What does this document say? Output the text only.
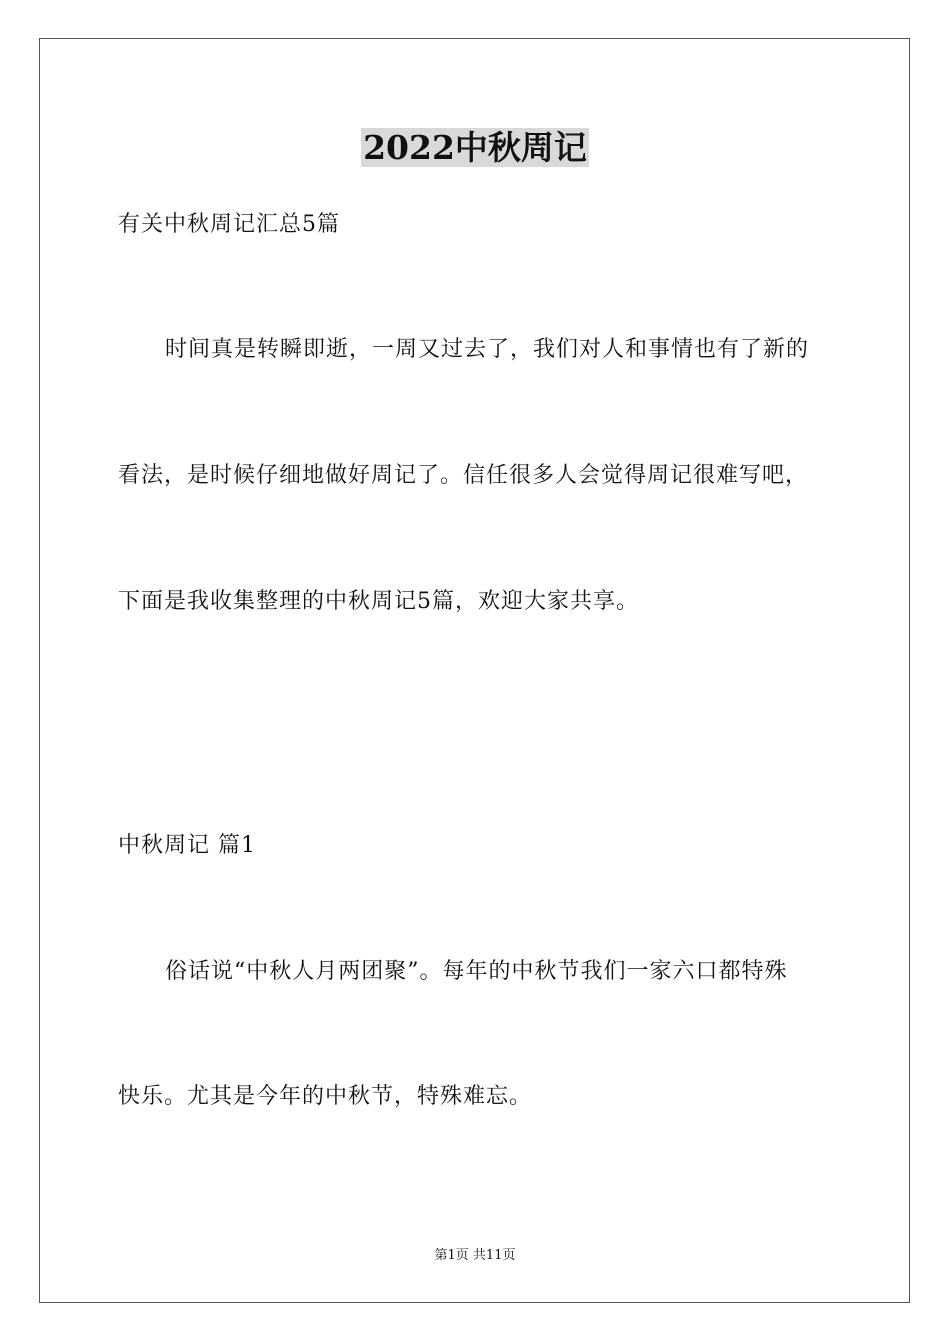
2022中秋周记
有关中秋周记汇总5篇
时间真是转瞬即逝，一周又过去了，我们对人和事情也有了新的
看法，是时候仔细地做好周记了。信任很多人会觉得周记很难写吧，
下面是我收集整理的中秋周记5篇，欢迎大家共享。
中秋周记 篇1
俗话说“中秋人月两团聚”。每年的中秋节我们一家六口都特殊
快乐。尤其是今年的中秋节，特殊难忘。
第1页 共11页
